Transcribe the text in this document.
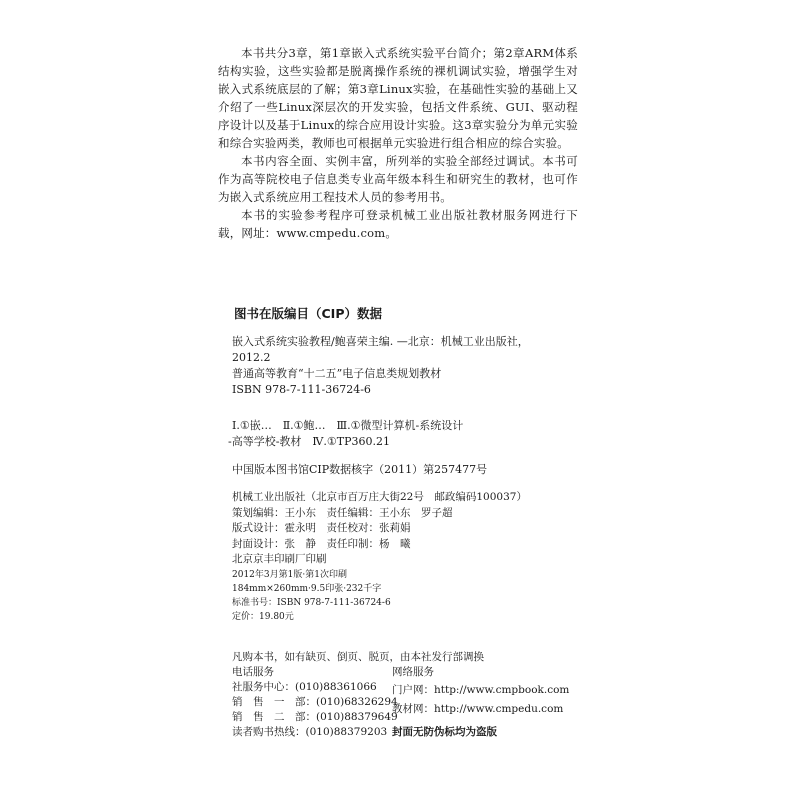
本书共分3章，第1章嵌入式系统实验平台简介；第2章ARM体系结构实验，这些实验都是脱离操作系统的裸机调试实验，增强学生对嵌入式系统底层的了解；第3章Linux实验，在基础性实验的基础上又介绍了一些Linux深层次的开发实验，包括文件系统、GUI、驱动程序设计以及基于Linux的综合应用设计实验。这3章实验分为单元实验和综合实验两类，教师也可根据单元实验进行组合相应的综合实验。

本书内容全面、实例丰富，所列举的实验全部经过调试。本书可作为高等院校电子信息类专业高年级本科生和研究生的教材，也可作为嵌入式系统应用工程技术人员的参考用书。

本书的实验参考程序可登录机械工业出版社教材服务网进行下载，网址：www.cmpedu.com。

图书在版编目（CIP）数据
嵌入式系统实验教程/鲍喜荣主编. —北京：机械工业出版社，
2012.2
普通高等教育“十二五”电子信息类规划教材
ISBN 978-7-111-36724-6
Ⅰ.①嵌…　Ⅱ.①鲍…　Ⅲ.①微型计算机-系统设计
-高等学校-教材　Ⅳ.①TP360.21
中国版本图书馆CIP数据核字（2011）第257477号
机械工业出版社（北京市百万庄大街22号　邮政编码100037）
策划编辑：王小东　责任编辑：王小东　罗子超
版式设计：霍永明　责任校对：张莉娟
封面设计：张　静　责任印制：杨　曦
北京京丰印刷厂印刷
2012年3月第1版·第1次印刷
184mm×260mm·9.5印张·232千字
标准书号：ISBN 978-7-111-36724-6
定价：19.80元
凡购本书，如有缺页、倒页、脱页，由本社发行部调换
电话服务	网络服务
社服务中心：(010)88361066 门户网：http://www.cmpbook.com
销　售　一　部：(010)68326294
销　售　二　部：(010)88379649
教材网：http://www.cmpedu.com
读者购书热线：(010)88379203 封面无防伪标均为盗版
